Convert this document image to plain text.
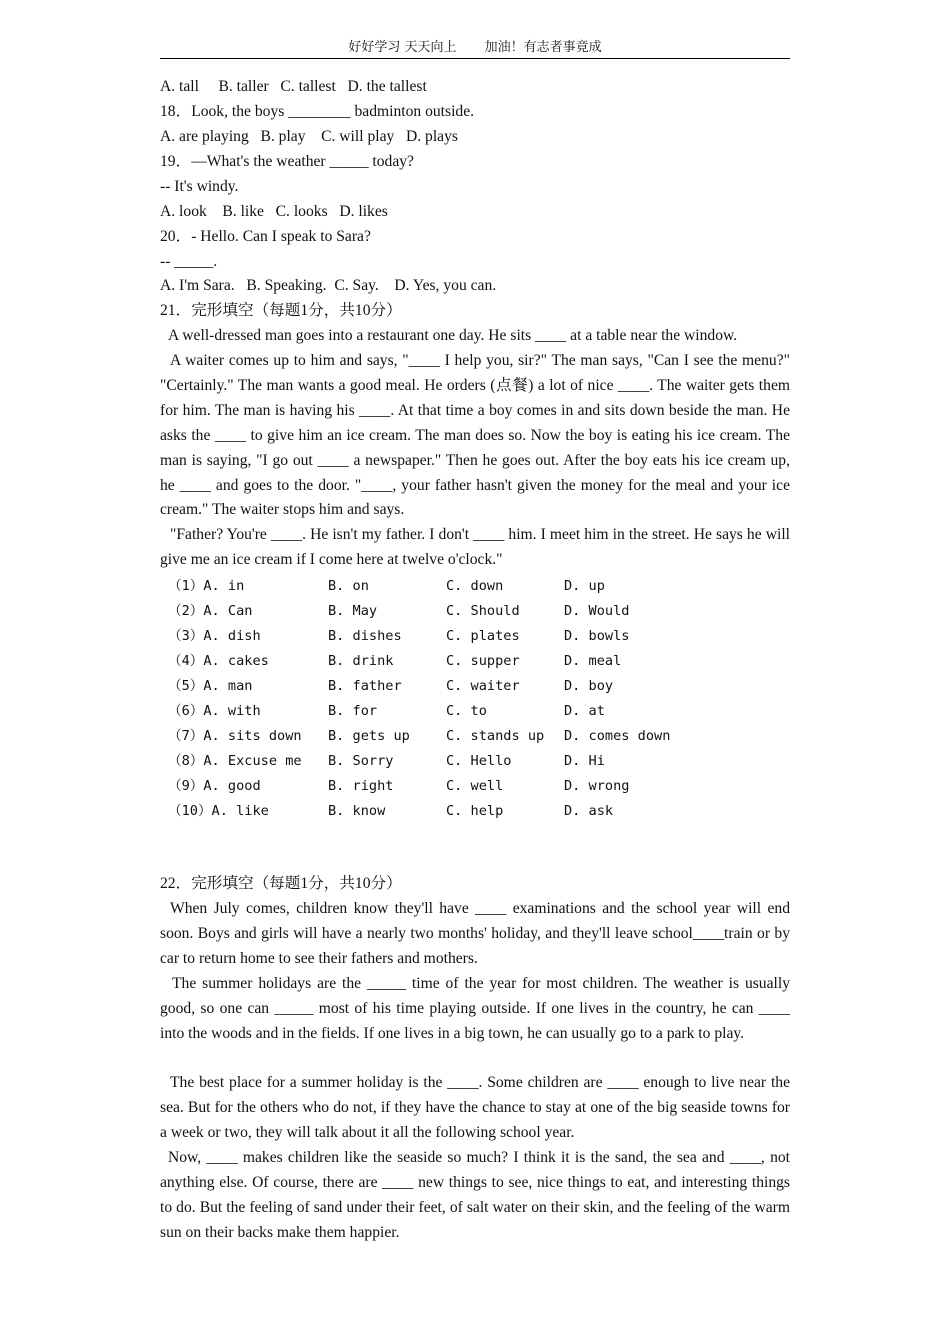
好好学习 天天向上 加油！有志者事竟成
A. tall     B. taller   C. tallest   D. the tallest
18．Look, the boys ________ badminton outside.
A. are playing   B. play    C. will play   D. plays
19．—What's the weather _____ today?
-- It's windy.
A. look    B. like   C. looks   D. likes
20．- Hello. Can I speak to Sara?
-- _____.
A. I'm Sara.   B. Speaking.  C. Say.    D. Yes, you can.
21．完形填空（每题1分，共10分）
A well-dressed man goes into a restaurant one day. He sits ____ at a table near the window.
A waiter comes up to him and says, "____ I help you, sir?" The man says, "Can I see the menu?" "Certainly." The man wants a good meal. He orders (点餐) a lot of nice ____. The waiter gets them for him. The man is having his ____. At that time a boy comes in and sits down beside the man. He asks the ____ to give him an ice cream. The man does so. Now the boy is eating his ice cream. The man is saying, "I go out ____ a newspaper." Then he goes out. After the boy eats his ice cream up, he ____ and goes to the door. "____, your father hasn't given the money for the meal and your ice cream." The waiter stops him and says.
"Father? You're ____. He isn't my father. I don't ____ him. I meet him in the street. He says he will give me an ice cream if I come here at twelve o'clock."
（1）A. in	B. on	C. down	D. up
（2）A. Can	B. May	C. Should	D. Would
（3）A. dish	B. dishes	C. plates	D. bowls
（4）A. cakes	B. drink	C. supper	D. meal
（5）A. man	B. father	C. waiter	D. boy
（6）A. with	B. for	C. to	D. at
（7）A. sits down B. gets up	C. stands up D. comes down
（8）A. Excuse me B. Sorry	C. Hello	D. Hi
（9）A. good	B. right	C. well	D. wrong
（10）A. like	B. know	C. help	D. ask
22．完形填空（每题1分，共10分）
When July comes, children know they'll have ____ examinations and the school year will end soon. Boys and girls will have a nearly two months' holiday, and they'll leave school____train or by car to return home to see their fathers and mothers.
The summer holidays are the _____ time of the year for most children. The weather is usually good, so one can _____ most of his time playing outside. If one lives in the country, he can ____ into the woods and in the fields. If one lives in a big town, he can usually go to a park to play.
The best place for a summer holiday is the ____. Some children are ____ enough to live near the sea. But for the others who do not, if they have the chance to stay at one of the big seaside towns for a week or two, they will talk about it all the following school year.
Now, ____ makes children like the seaside so much? I think it is the sand, the sea and ____, not anything else. Of course, there are ____ new things to see, nice things to eat, and interesting things to do. But the feeling of sand under their feet, of salt water on their skin, and the feeling of the warm sun on their backs make them happier.
